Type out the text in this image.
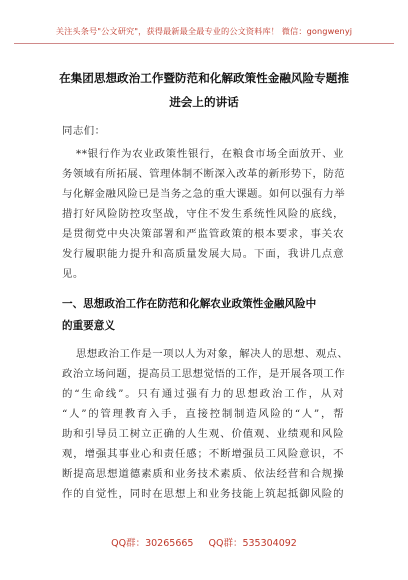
关注头条号"公文研究"，获得最新最全最专业的公文资料库！ 微信：gongwenyj
在集团思想政治工作暨防范和化解政策性金融风险专题推
进会上的讲话
同志们：
**银行作为农业政策性银行，在粮食市场全面放开、业
务领域有所拓展、管理体制不断深入改革的新形势下，防范
与化解金融风险已是当务之急的重大课题。如何以强有力举
措打好风险防控攻坚战，守住不发生系统性风险的底线，
是贯彻党中央决策部署和严监管政策的根本要求，事关农
发行履职能力提升和高质量发展大局。下面，我讲几点意
见。
一、思想政治工作在防范和化解农业政策性金融风险中
的重要意义
思想政治工作是一项以人为对象，解决人的思想、观点、
政治立场问题，提高员工思想觉悟的工作，是开展各项工作
的“生命线”。只有通过强有力的思想政治工作，从对
“人”的管理教育入手，直接控制制造风险的“人”，帮
助和引导员工树立正确的人生观、价值观、业绩观和风险
观，增强其事业心和责任感；不断增强员工风险意识，不
断提高思想道德素质和业务技术素质、依法经营和合规操
作的自觉性，同时在思想上和业务技能上筑起抵御风险的
QQ群：30265665 QQ群：535304092
